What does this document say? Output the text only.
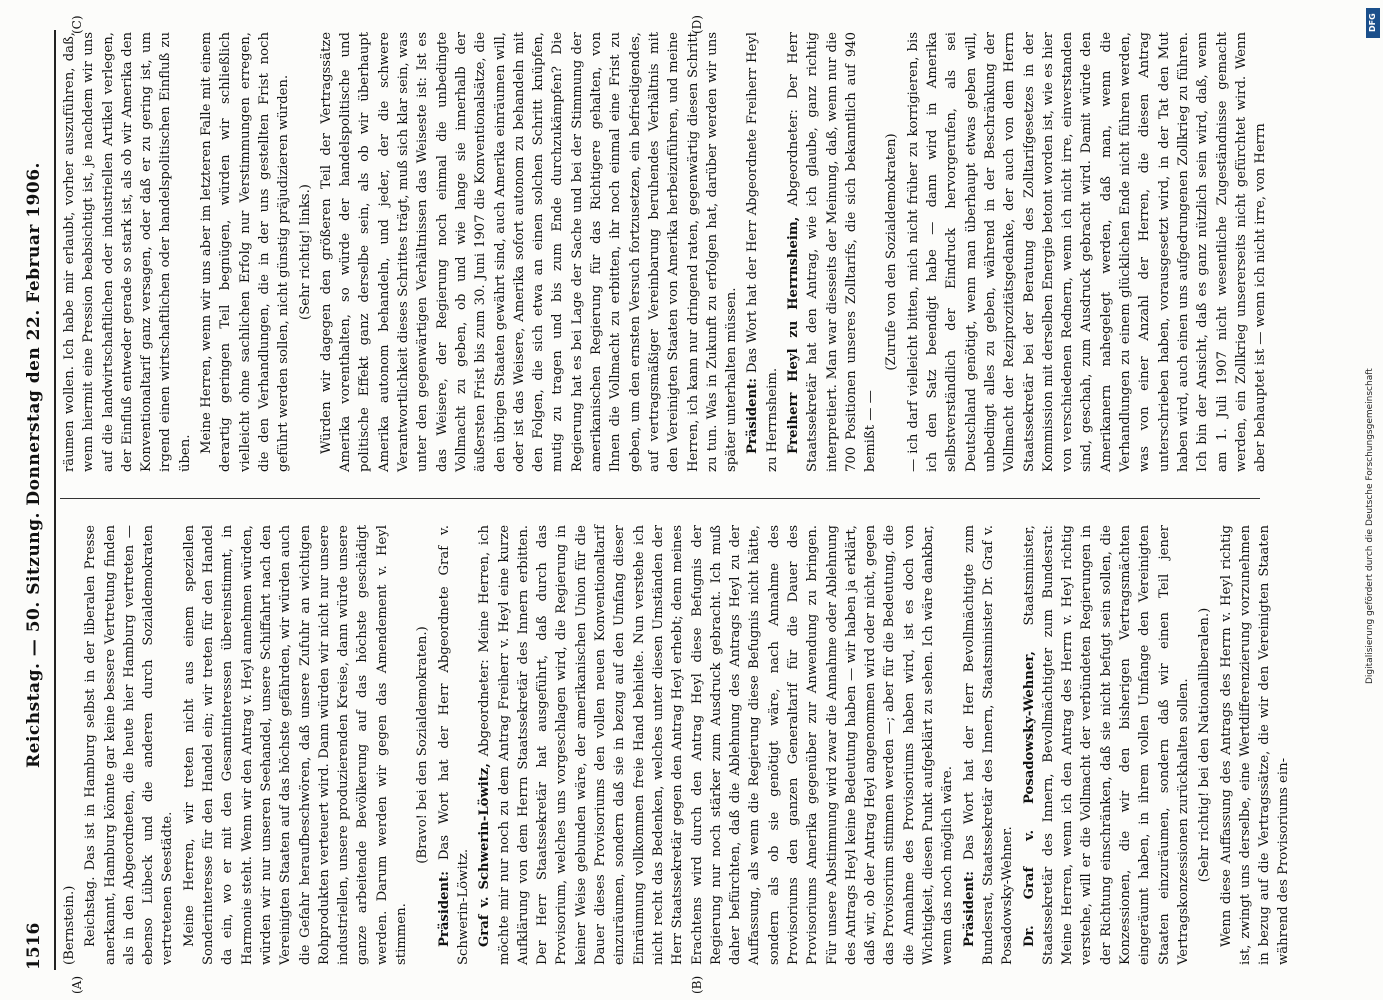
1516
Reichstag. — 50. Sitzung. Donnerstag den 22. Februar 1906.
(A)	(B)
(C)	(D)

(Bernstein.) Reichstag. Das ist in Hamburg selbst in der liberalen Presse anerkannt, Hamburg könnte gar keine bessere Vertretung finden als in den Abgeordneten, die heute hier Hamburg vertreten — ebenso Lübeck und die anderen durch Sozialdemokraten vertretenen Seestädte. Meine Herren, wir treten nicht aus einem speziellen Sonderinteresse für den Handel ein; wir treten für den Handel da ein, wo er mit den Gesamtinteressen übereinstimmt, in Harmonie steht. Wenn wir den Antrag v. Heyl annehmen würden, würden wir nur unseren Seehandel, unsere Schiffahrt nach den Vereinigten Staaten auf das höchste gefährden, wir würden auch die Gefahr heraufbeschwören, daß unsere Zufuhr an wichtigen Rohprodukten verteuert wird. Dann würden wir nicht nur unsere industriellen, unsere produzierenden Kreise, dann würde unsere ganze arbeitende Bevölkerung auf das höchste geschädigt werden. Darum werden wir gegen das Amendement v. Heyl stimmen.

(Bravo! bei den Sozialdemokraten.)

Präsident: Das Wort hat der Herr Abgeordnete Graf v. Schwerin-Löwitz. Graf v. Schwerin-Löwitz, Abgeordneter: Meine Herren, ich möchte mir nur noch zu dem Antrag Freiherr v. Heyl eine kurze Aufklärung von dem Herrn Staatssekretär des Innern erbitten. Der Herr Staatssekretär hat ausgeführt, daß durch das Provisorium, welches uns vorgeschlagen wird, die Regierung in keiner Weise gebunden wäre, der amerikanischen Union für die Dauer dieses Provisoriums den vollen neuen Konventionaltarif einzuräumen, sondern daß sie in bezug auf den Umfang dieser Einräumung vollkommen freie Hand behielte. Nun verstehe ich nicht recht das Bedenken, welches unter diesen Umständen der Herr Staatssekretär gegen den Antrag Heyl erhebt; denn meines Erachtens wird durch den Antrag Heyl diese Befugnis der Regierung nur noch stärker zum Ausdruck gebracht. Ich muß daher befürchten, daß die Ablehnung des Antrags Heyl zu der Auffassung, als wenn die Regierung diese Befugnis nicht hätte, sondern als ob sie genötigt wäre, nach Annahme des Provisoriums den ganzen Generaltarif für die Dauer des Provisoriums Amerika gegenüber zur Anwendung zu bringen. Für unsere Abstimmung wird zwar die Annahme oder Ablehnung des Antrags Heyl keine Bedeutung haben — wir haben ja erklärt, daß wir, ob der Antrag Heyl angenommen wird oder nicht, gegen das Provisorium stimmen werden —; aber für die Bedeutung, die die Annahme des Provisoriums haben wird, ist es doch von Wichtigkeit, diesen Punkt aufgeklärt zu sehen. Ich wäre dankbar, wenn das noch möglich wäre. Präsident: Das Wort hat der Herr Bevollmächtigte zum Bundesrat, Staatssekretär des Innern, Staatsminister Dr. Graf v. Posadowsky-Wehner. Dr. Graf v. Posadowsky-Wehner, Staatsminister, Staatssekretär des Innern, Bevollmächtigter zum Bundesrat: Meine Herren, wenn ich den Antrag des Herrn v. Heyl richtig verstehe, will er die Vollmacht der verbündeten Regierungen in der Richtung einschränken, daß sie nicht befugt sein sollen, die Konzessionen, die wir den bisherigen Vertragsmächten eingeräumt haben, in ihrem vollen Umfange den Vereinigten Staaten einzuräumen, sondern daß wir einen Teil jener Vertragskonzessionen zurückhalten sollen. (Sehr richtig! bei den Nationalliberalen.) Wenn diese Auffassung des Antrags des Herrn v. Heyl richtig ist, zwingt uns derselbe, eine Wertdifferenzierung vorzunehmen in bezug auf die Vertragssätze, die wir den Vereinigten Staaten während des Provisoriums ein-

räumen wollen. Ich habe mir erlaubt, vorher auszuführen, daß, wenn hiermit eine Pression beabsichtigt ist, je nachdem wir uns auf die landwirtschaftlichen oder industriellen Artikel verlegen, der Einfluß entweder gerade so stark ist, als ob wir Amerika den Konventionaltarif ganz versagen, oder daß er zu gering ist, um irgend einen wirtschaftlichen oder handelspolitischen Einfluß zu üben. Meine Herren, wenn wir uns aber im letzteren Falle mit einem derartig geringen Teil begnügen, würden wir schließlich vielleicht ohne sachlichen Erfolg nur Verstimmungen erregen, die den Verhandlungen, die in der uns gestellten Frist noch geführt werden sollen, nicht günstig präjudizieren würden. (Sehr richtig! links.) Würden wir dagegen den größeren Teil der Vertragssätze Amerika vorenthalten, so würde der handelspolitische und politische Effekt ganz derselbe sein, als ob wir überhaupt Amerika autonom behandeln, und jeder, der die schwere Verantwortlichkeit dieses Schrittes trägt, muß sich klar sein, was unter den gegenwärtigen Verhältnissen das Weiseste ist: Ist es das Weisere, der Regierung noch einmal die unbedingte Vollmacht zu geben, ob und wie lange sie innerhalb der äußersten Frist bis zum 30. Juni 1907 die Konventionalsätze, die den übrigen Staaten gewährt sind, auch Amerika einräumen will, oder ist das Weisere, Amerika sofort autonom zu behandeln mit den Folgen, die sich etwa an einen solchen Schritt knüpfen, mutig zu tragen und bis zum Ende durchzukämpfen? Die Regierung hat es bei Lage der Sache und bei der Stimmung der amerikanischen Regierung für das Richtigere gehalten, von Ihnen die Vollmacht zu erbitten, ihr noch einmal eine Frist zu geben, um den ernsten Versuch fortzusetzen, ein befriedigendes, auf vertragsmäßiger Vereinbarung beruhendes Verhältnis mit den Vereinigten Staaten von Amerika herbeizuführen, und meine Herren, ich kann nur dringend raten, gegenwärtig diesen Schritt zu tun. Was in Zukunft zu erfolgen hat, darüber werden wir uns später unterhalten müssen. Präsident: Das Wort hat der Herr Abgeordnete Freiherr Heyl zu Herrnsheim. Freiherr Heyl zu Herrnsheim, Abgeordneter: Der Herr Staatssekretär hat den Antrag, wie ich glaube, ganz richtig interpretiert. Man war diesseits der Meinung, daß, wenn nur die 700 Positionen unseres Zolltarifs, die sich bekanntlich auf 940 bemißt — —

(Zurufe von den Sozialdemokraten) — ich darf vielleicht bitten, mich nicht früher zu korrigieren, bis ich den Satz beendigt habe — dann wird in Amerika selbstverständlich der Eindruck hervorgerufen, als sei Deutschland genötigt, wenn man überhaupt etwas geben will, unbedingt alles zu geben, während in der Beschränkung der Vollmacht der Reziprozitätsgedanke, der auch von dem Herrn Staatssekretär bei der Beratung des Zolltarifgesetzes in der Kommission mit derselben Energie betont worden ist, wie es hier von verschiedenen Rednern, wenn ich nicht irre, einverstanden sind, geschah, zum Ausdruck gebracht wird. Damit würde den Amerikanern nahegelegt werden, daß man, wenn die Verhandlungen zu einem glücklichen Ende nicht führen werden, was von einer Anzahl der Herren, die diesen Antrag unterschrieben haben, vorausgesetzt wird, in der Tat den Mut haben wird, auch einen uns aufgedrungenen Zollkrieg zu führen. Ich bin der Ansicht, daß es ganz nützlich sein wird, daß, wenn am 1. Juli 1907 nicht wesentliche Zugeständnisse gemacht werden, ein Zollkrieg unsererseits nicht gefürchtet wird. Wenn aber behauptet ist — wenn ich nicht irre, von Herrn

DFG
Digitalisierung gefördert durch die Deutsche Forschungsgemeinschaft
